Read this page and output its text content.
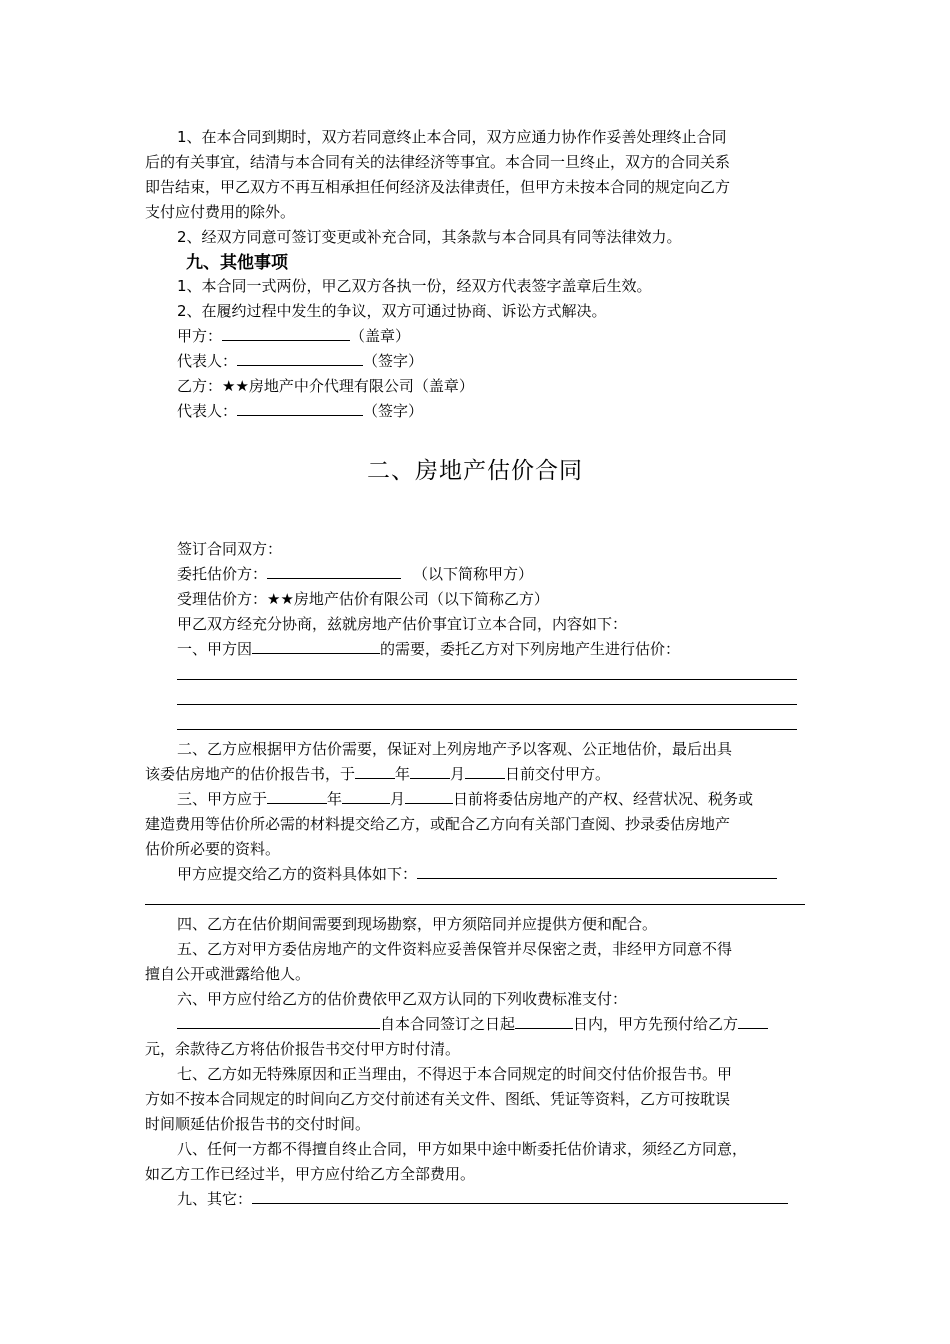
1、在本合同到期时，双方若同意终止本合同，双方应通力协作作妥善处理终止合同
后的有关事宜，结清与本合同有关的法律经济等事宜。本合同一旦终止，双方的合同关系
即告结束，甲乙双方不再互相承担任何经济及法律责任，但甲方未按本合同的规定向乙方
支付应付费用的除外。
2、经双方同意可签订变更或补充合同，其条款与本合同具有同等法律效力。
九、其他事项
1、本合同一式两份，甲乙双方各执一份，经双方代表签字盖章后生效。
2、在履约过程中发生的争议，双方可通过协商、诉讼方式解决。
甲方：	（盖章）
代表人：	（签字）
乙方：★★房地产中介代理有限公司（盖章）
代表人：	（签字）
二、房地产估价合同
签订合同双方：
委托估价方：	（以下简称甲方）
受理估价方：★★房地产估价有限公司（以下简称乙方）
甲乙双方经充分协商，兹就房地产估价事宜订立本合同，内容如下：
一、甲方因	的需要，委托乙方对下列房地产生进行估价：
二、乙方应根据甲方估价需要，保证对上列房地产予以客观、公正地估价，最后出具
该委估房地产的估价报告书，于	年	月	日前交付甲方。
三、甲方应于	年	月	日前将委估房地产的产权、经营状况、税务或
建造费用等估价所必需的材料提交给乙方，或配合乙方向有关部门查阅、抄录委估房地产
估价所必要的资料。
甲方应提交给乙方的资料具体如下：
四、乙方在估价期间需要到现场勘察，甲方须陪同并应提供方便和配合。
五、乙方对甲方委估房地产的文件资料应妥善保管并尽保密之责，非经甲方同意不得
擅自公开或泄露给他人。
六、甲方应付给乙方的估价费依甲乙双方认同的下列收费标准支付：
自本合同签订之日起	日内，甲方先预付给乙方
元，余款待乙方将估价报告书交付甲方时付清。
七、乙方如无特殊原因和正当理由，不得迟于本合同规定的时间交付估价报告书。甲
方如不按本合同规定的时间向乙方交付前述有关文件、图纸、凭证等资料，乙方可按耽误
时间顺延估价报告书的交付时间。
八、任何一方都不得擅自终止合同，甲方如果中途中断委托估价请求，须经乙方同意，
如乙方工作已经过半，甲方应付给乙方全部费用。
九、其它：
